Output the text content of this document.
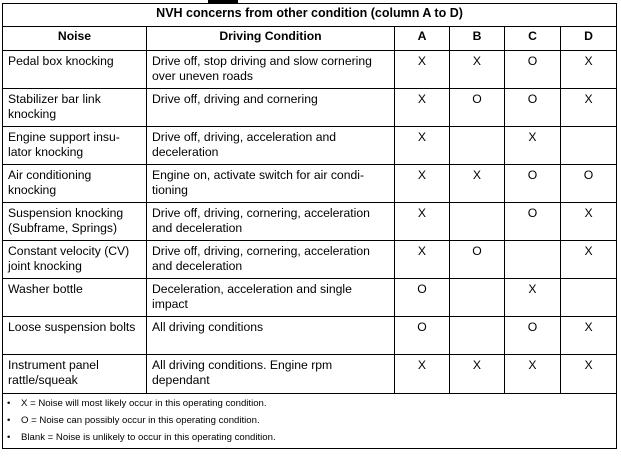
NVH concerns from other condition (column A to D)					
Noise	Driving Condition	A	B	C	D
Pedal box knocking	Drive off, stop driving and slow cornering over uneven roads	X	X	O	X
Stabilizer bar link knocking	Drive off, driving and cornering	X	O	O	X
Engine support insu-lator knocking	Drive off, driving, acceleration and deceleration	X		X	
Air conditioning knocking	Engine on, activate switch for air condi-tioning	X	X	O	O
Suspension knocking (Subframe, Springs)	Drive off, driving, cornering, acceleration and deceleration	X		O	X
Constant velocity (CV) joint knocking	Drive off, driving, cornering, acceleration and deceleration	X	O		X
Washer bottle	Deceleration, acceleration and single impact	O		X	
Loose suspension bolts	All driving conditions	O		O	X
Instrument panel rattle/squeak	All driving conditions. Engine rpm dependant	X	X	X	X

• X = Noise will most likely occur in this operating condition.
• O = Noise can possibly occur in this operating condition.
• Blank = Noise is unlikely to occur in this operating condition.					
